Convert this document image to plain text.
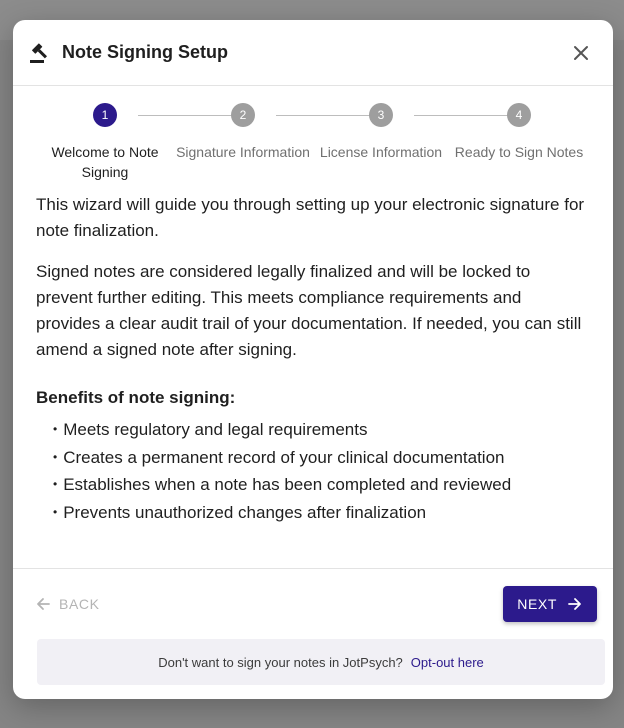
Note Signing Setup
1
Welcome to Note Signing
2
Signature Information
3
License Information
4
Ready to Sign Notes

This wizard will guide you through setting up your electronic signature for note finalization.

Signed notes are considered legally finalized and will be locked to prevent further editing. This meets compliance requirements and provides a clear audit trail of your documentation. If needed, you can still amend a signed note after signing.

Benefits of note signing:
• Meets regulatory and legal requirements
• Creates a permanent record of your clinical documentation
• Establishes when a note has been completed and reviewed
• Prevents unauthorized changes after finalization
BACK	NEXT
Don't want to sign your notes in JotPsych? Opt-out here
